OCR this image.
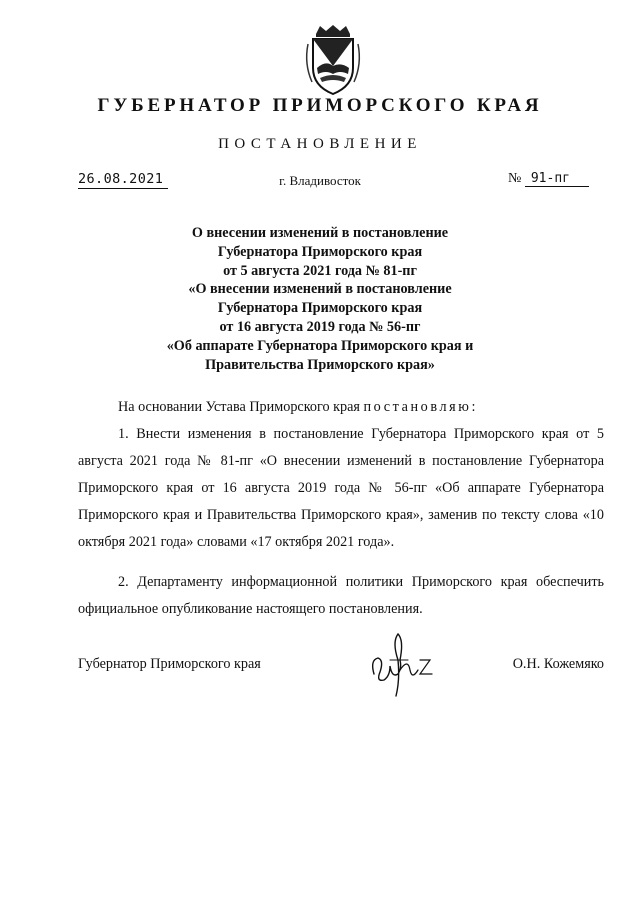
ГУБЕРНАТОР ПРИМОРСКОГО КРАЯ
ПОСТАНОВЛЕНИЕ
26.08.2021	г. Владивосток	№ 91-пг
О внесении изменений в постановление
Губернатора Приморского края
от 5 августа 2021 года № 81-пг
«О внесении изменений в постановление
Губернатора Приморского края
от 16 августа 2019 года № 56-пг
«Об аппарате Губернатора Приморского края и
Правительства Приморского края»

На основании Устава Приморского края постановляю:

1. Внести изменения в постановление Губернатора Приморского края от 5 августа 2021 года № 81-пг «О внесении изменений в постановление Губернатора Приморского края от 16 августа 2019 года № 56-пг «Об аппарате Губернатора Приморского края и Правительства Приморского края», заменив по тексту слова «10 октября 2021 года» словами «17 октября 2021 года».

2. Департаменту информационной политики Приморского края обеспечить официальное опубликование настоящего постановления.

Губернатор Приморского края	О.Н. Кожемяко
